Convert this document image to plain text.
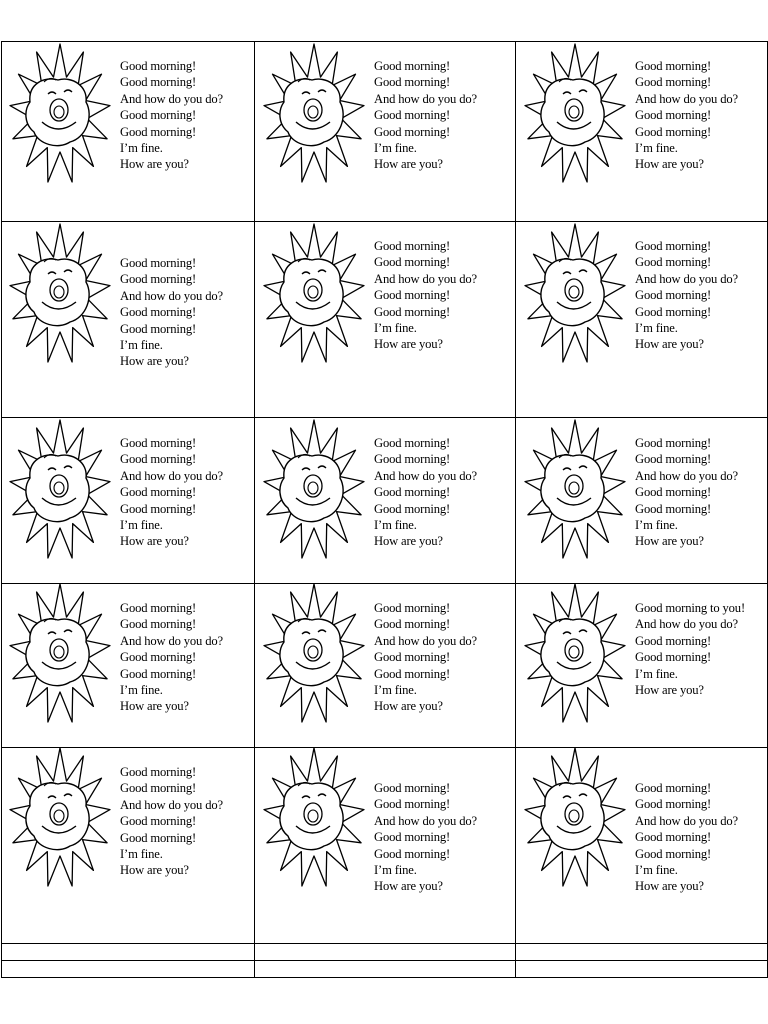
Good morning!
Good morning!
And how do you do?
Good morning!
Good morning!
I’m fine.
How are you?
Good morning!
Good morning!
And how do you do?
Good morning!
Good morning!
I’m fine.
How are you?
Good morning!
Good morning!
And how do you do?
Good morning!
Good morning!
I’m fine.
How are you?
Good morning!
Good morning!
And how do you do?
Good morning!
Good morning!
I’m fine.
How are you?
Good morning!
Good morning!
And how do you do?
Good morning!
Good morning!
I’m fine.
How are you?
Good morning!
Good morning!
And how do you do?
Good morning!
Good morning!
I’m fine.
How are you?
Good morning!
Good morning!
And how do you do?
Good morning!
Good morning!
I’m fine.
How are you?
Good morning!
Good morning!
And how do you do?
Good morning!
Good morning!
I’m fine.
How are you?
Good morning!
Good morning!
And how do you do?
Good morning!
Good morning!
I’m fine.
How are you?
Good morning!
Good morning!
And how do you do?
Good morning!
Good morning!
I’m fine.
How are you?
Good morning!
Good morning!
And how do you do?
Good morning!
Good morning!
I’m fine.
How are you?
Good morning to you!
And how do you do?
Good morning!
Good morning!
I’m fine.
How are you?
Good morning!
Good morning!
And how do you do?
Good morning!
Good morning!
I’m fine.
How are you?
Good morning!
Good morning!
And how do you do?
Good morning!
Good morning!
I’m fine.
How are you?
Good morning!
Good morning!
And how do you do?
Good morning!
Good morning!
I’m fine.
How are you?
